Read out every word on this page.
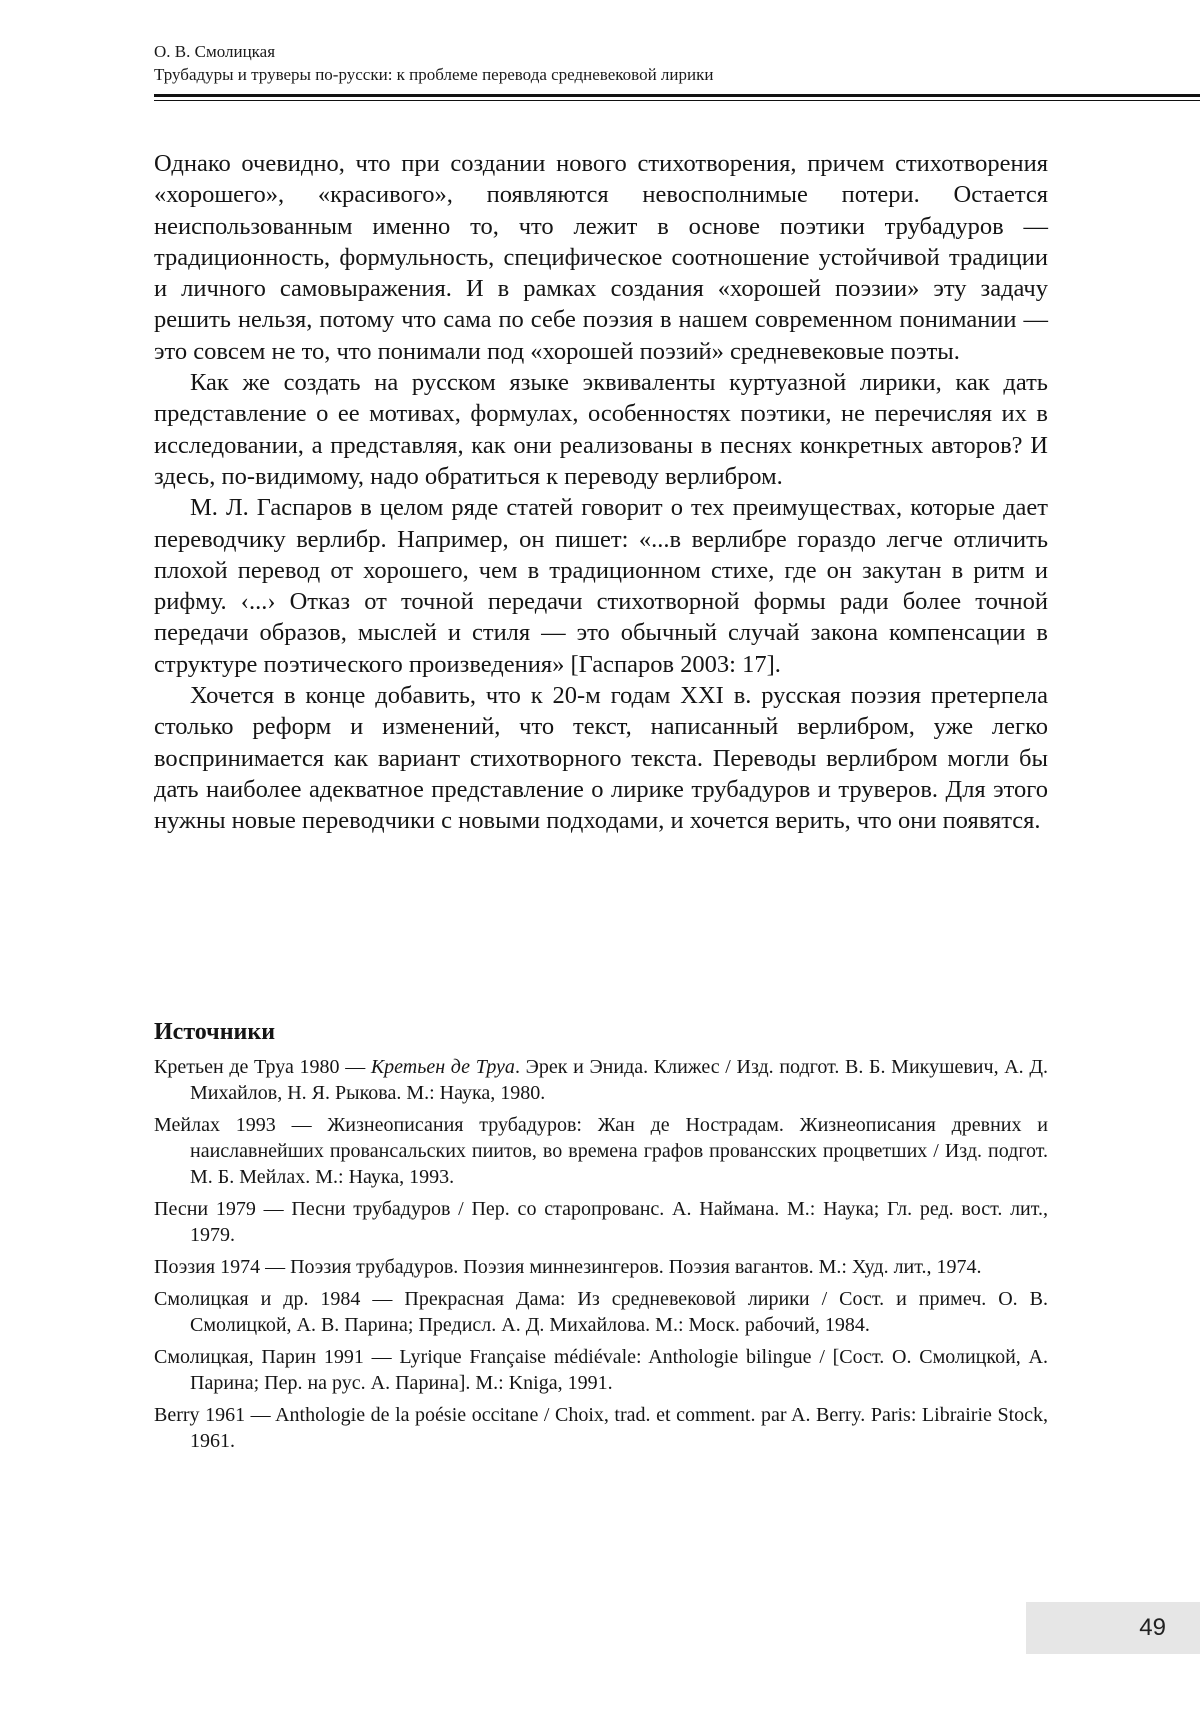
О. В. Смолицкая
Трубадуры и труверы по-русски: к проблеме перевода средневековой лирики

Однако очевидно, что при создании нового стихотворения, причем стихотворения «хорошего», «красивого», появляются невосполнимые потери. Остается неиспользованным именно то, что лежит в основе поэтики трубадуров — традиционность, формульность, специфическое соотношение устойчивой традиции и личного самовыражения. И в рамках создания «хорошей поэзии» эту задачу решить нельзя, потому что сама по себе поэзия в нашем современном понимании — это совсем не то, что понимали под «хорошей поэзий» средневековые поэты.

Как же создать на русском языке эквиваленты куртуазной лирики, как дать представление о ее мотивах, формулах, особенностях поэтики, не перечисляя их в исследовании, а представляя, как они реализованы в песнях конкретных авторов? И здесь, по-видимому, надо обратиться к переводу верлибром.

М. Л. Гаспаров в целом ряде статей говорит о тех преимуществах, которые дает переводчику верлибр. Например, он пишет: «...в верлибре гораздо легче отличить плохой перевод от хорошего, чем в традиционном стихе, где он закутан в ритм и рифму. ‹...› Отказ от точной передачи стихотворной формы ради более точной передачи образов, мыслей и стиля — это обычный случай закона компенсации в структуре поэтического произведения» [Гаспаров 2003: 17].

Хочется в конце добавить, что к 20-м годам XXI в. русская поэзия претерпела столько реформ и изменений, что текст, написанный верлибром, уже легко воспринимается как вариант стихотворного текста. Переводы верлибром могли бы дать наиболее адекватное представление о лирике трубадуров и труверов. Для этого нужны новые переводчики с новыми подходами, и хочется верить, что они появятся.

Источники

Кретьен де Труа 1980 — Кретьен де Труа. Эрек и Энида. Клижес / Изд. подгот. В. Б. Микушевич, А. Д. Михайлов, Н. Я. Рыкова. М.: Наука, 1980.

Мейлах 1993 — Жизнеописания трубадуров: Жан де Нострадам. Жизнеописания древних и наиславнейших провансальских пиитов, во времена графов провансских процветших / Изд. подгот. М. Б. Мейлах. М.: Наука, 1993.

Песни 1979 — Песни трубадуров / Пер. со старопрованс. А. Наймана. М.: Наука; Гл. ред. вост. лит., 1979.

Поэзия 1974 — Поэзия трубадуров. Поэзия миннезингеров. Поэзия вагантов. М.: Худ. лит., 1974.

Смолицкая и др. 1984 — Прекрасная Дама: Из средневековой лирики / Сост. и примеч. О. В. Смолицкой, А. В. Парина; Предисл. А. Д. Михайлова. М.: Моск. рабочий, 1984.

Смолицкая, Парин 1991 — Lyrique Française médiévale: Anthologie bilingue / [Сост. О. Смолицкой, А. Парина; Пер. на рус. А. Парина]. М.: Kniga, 1991.

Berry 1961 — Anthologie de la poésie occitane / Choix, trad. et comment. par A. Berry. Paris: Librairie Stock, 1961.

49
